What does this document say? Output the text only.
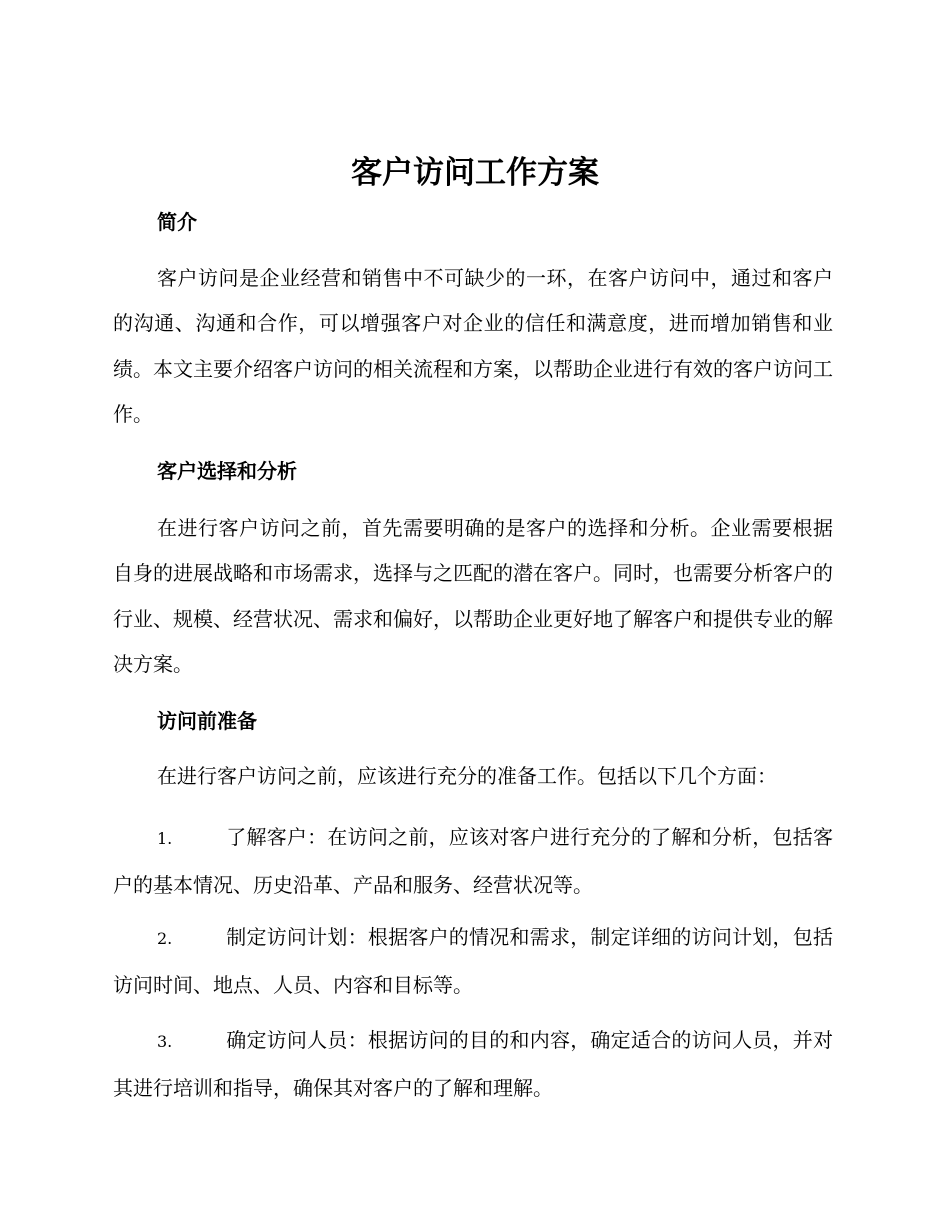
客户访问工作方案
简介
客户访问是企业经营和销售中不可缺少的一环，在客户访问中，通过和客户的沟通、沟通和合作，可以增强客户对企业的信任和满意度，进而增加销售和业绩。本文主要介绍客户访问的相关流程和方案，以帮助企业进行有效的客户访问工作。
客户选择和分析
在进行客户访问之前，首先需要明确的是客户的选择和分析。企业需要根据自身的进展战略和市场需求，选择与之匹配的潜在客户。同时，也需要分析客户的行业、规模、经营状况、需求和偏好，以帮助企业更好地了解客户和提供专业的解决方案。
访问前准备
在进行客户访问之前，应该进行充分的准备工作。包括以下几个方面：
1.	了解客户：在访问之前，应该对客户进行充分的了解和分析，包括客户的基本情况、历史沿革、产品和服务、经营状况等。
2.	制定访问计划：根据客户的情况和需求，制定详细的访问计划，包括访问时间、地点、人员、内容和目标等。
3.	确定访问人员：根据访问的目的和内容，确定适合的访问人员，并对其进行培训和指导，确保其对客户的了解和理解。
